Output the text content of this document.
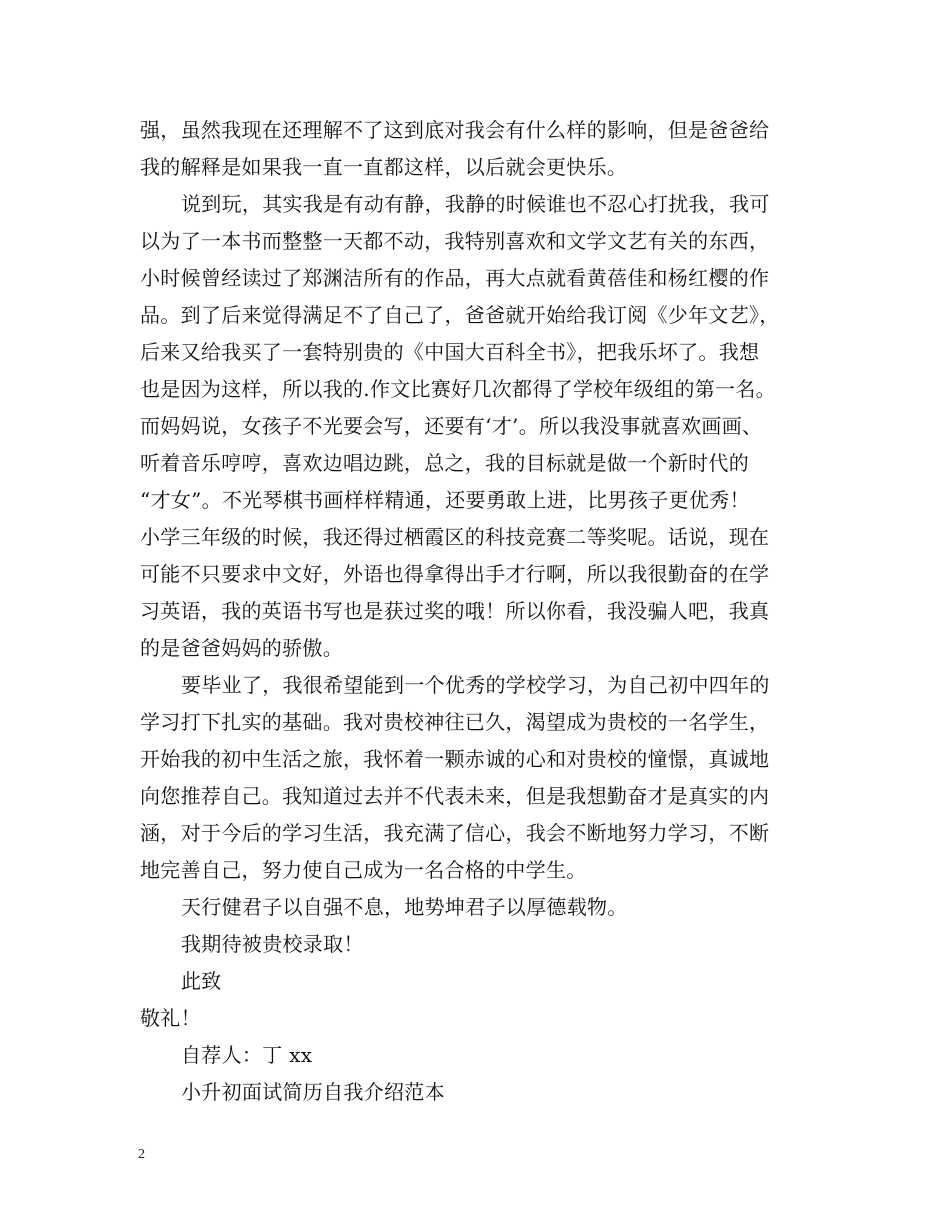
强，虽然我现在还理解不了这到底对我会有什么样的影响，但是爸爸给
我的解释是如果我一直一直都这样，以后就会更快乐。
说到玩，其实我是有动有静，我静的时候谁也不忍心打扰我，我可
以为了一本书而整整一天都不动，我特别喜欢和文学文艺有关的东西，
小时候曾经读过了郑渊洁所有的作品，再大点就看黄蓓佳和杨红樱的作
品。到了后来觉得满足不了自己了，爸爸就开始给我订阅《少年文艺》，
后来又给我买了一套特别贵的《中国大百科全书》，把我乐坏了。我想
也是因为这样，所以我的.作文比赛好几次都得了学校年级组的第一名。
而妈妈说，女孩子不光要会写，还要有‘才’。所以我没事就喜欢画画、
听着音乐哼哼，喜欢边唱边跳，总之，我的目标就是做一个新时代的
“才女”。不光琴棋书画样样精通，还要勇敢上进，比男孩子更优秀！
小学三年级的时候，我还得过栖霞区的科技竞赛二等奖呢。话说，现在
可能不只要求中文好，外语也得拿得出手才行啊，所以我很勤奋的在学
习英语，我的英语书写也是获过奖的哦！所以你看，我没骗人吧，我真
的是爸爸妈妈的骄傲。
要毕业了，我很希望能到一个优秀的学校学习，为自己初中四年的
学习打下扎实的基础。我对贵校神往已久，渴望成为贵校的一名学生，
开始我的初中生活之旅，我怀着一颗赤诚的心和对贵校的憧憬，真诚地
向您推荐自己。我知道过去并不代表未来，但是我想勤奋才是真实的内
涵，对于今后的学习生活，我充满了信心，我会不断地努力学习，不断
地完善自己，努力使自己成为一名合格的中学生。
天行健君子以自强不息，地势坤君子以厚德载物。
我期待被贵校录取！
此致
敬礼！
自荐人：丁 xx
小升初面试简历自我介绍范本
2
